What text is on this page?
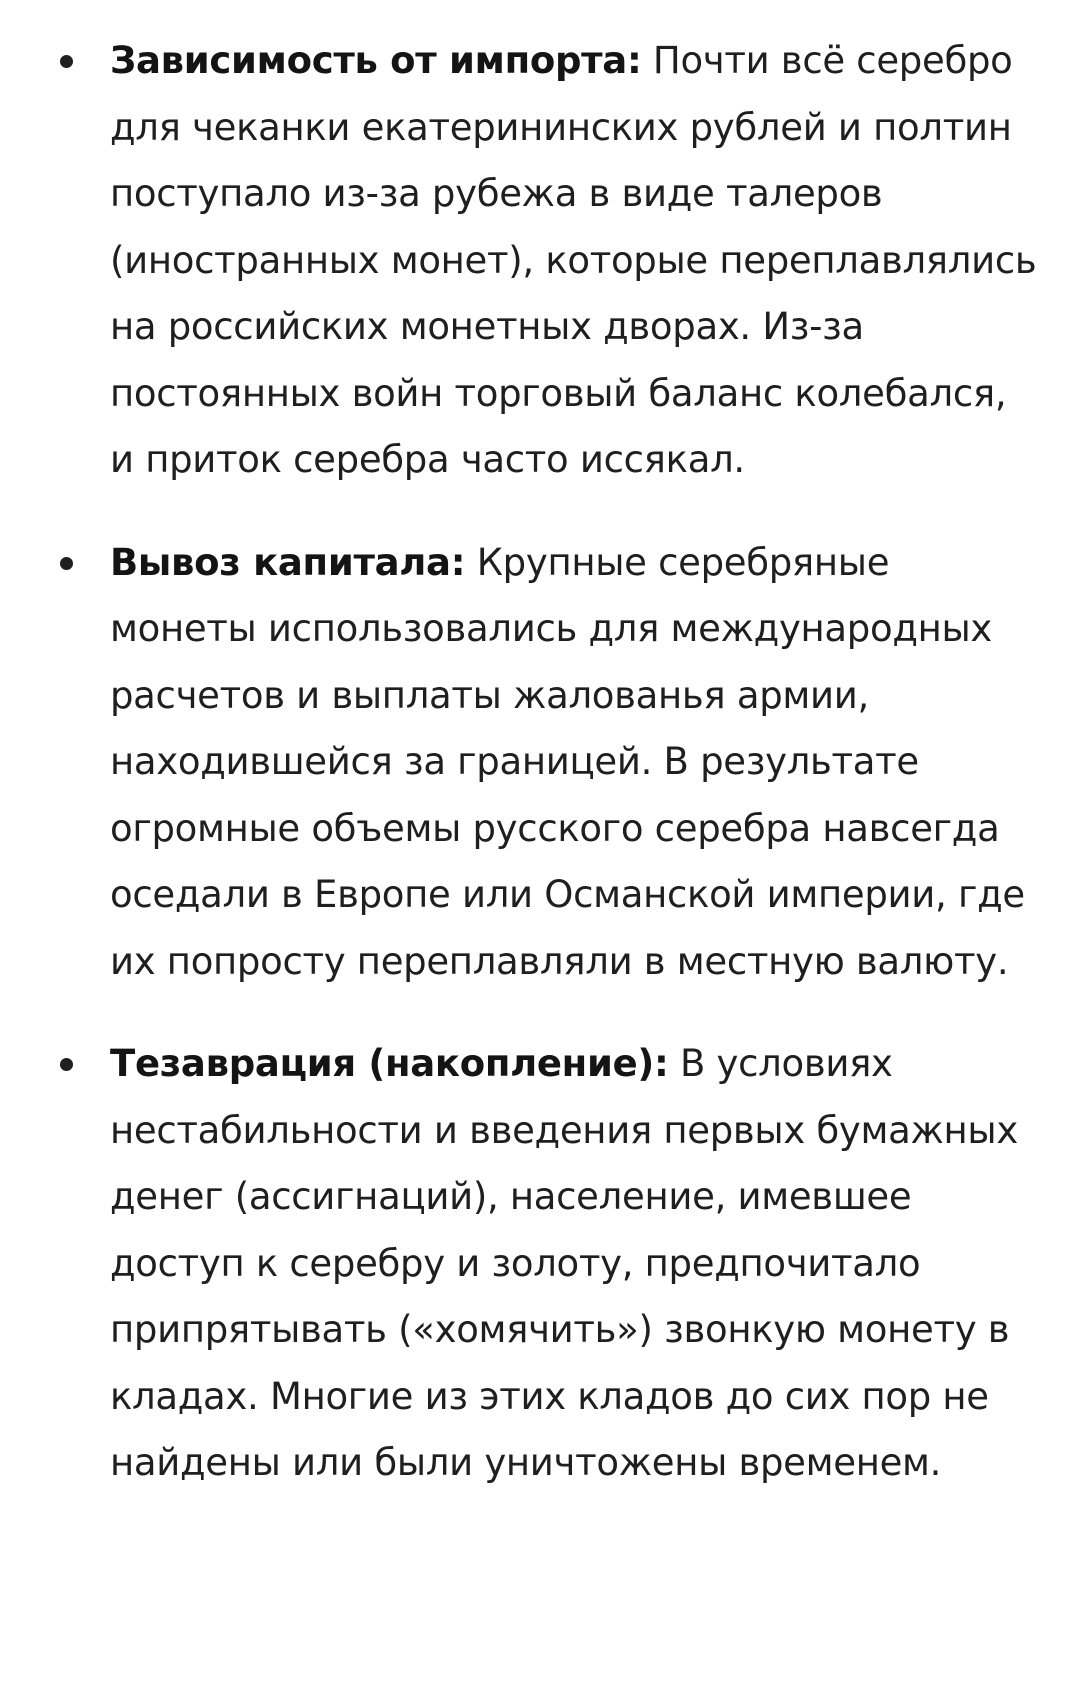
Зависимость от импорта: Почти всё серебро для чеканки екатерининских рублей и полтин поступало из-за рубежа в виде талеров (иностранных монет), которые переплавлялись на российских монетных дворах. Из-за постоянных войн торговый баланс колебался, и приток серебра часто иссякал.
Вывоз капитала: Крупные серебряные монеты использовались для международных расчетов и выплаты жалованья армии, находившейся за границей. В результате огромные объемы русского серебра навсегда оседали в Европе или Османской империи, где их попросту переплавляли в местную валюту.
Тезаврация (накопление): В условиях нестабильности и введения первых бумажных денег (ассигнаций), население, имевшее доступ к серебру и золоту, предпочитало припрятывать («хомячить») звонкую монету в кладах. Многие из этих кладов до сих пор не найдены или были уничтожены временем.
